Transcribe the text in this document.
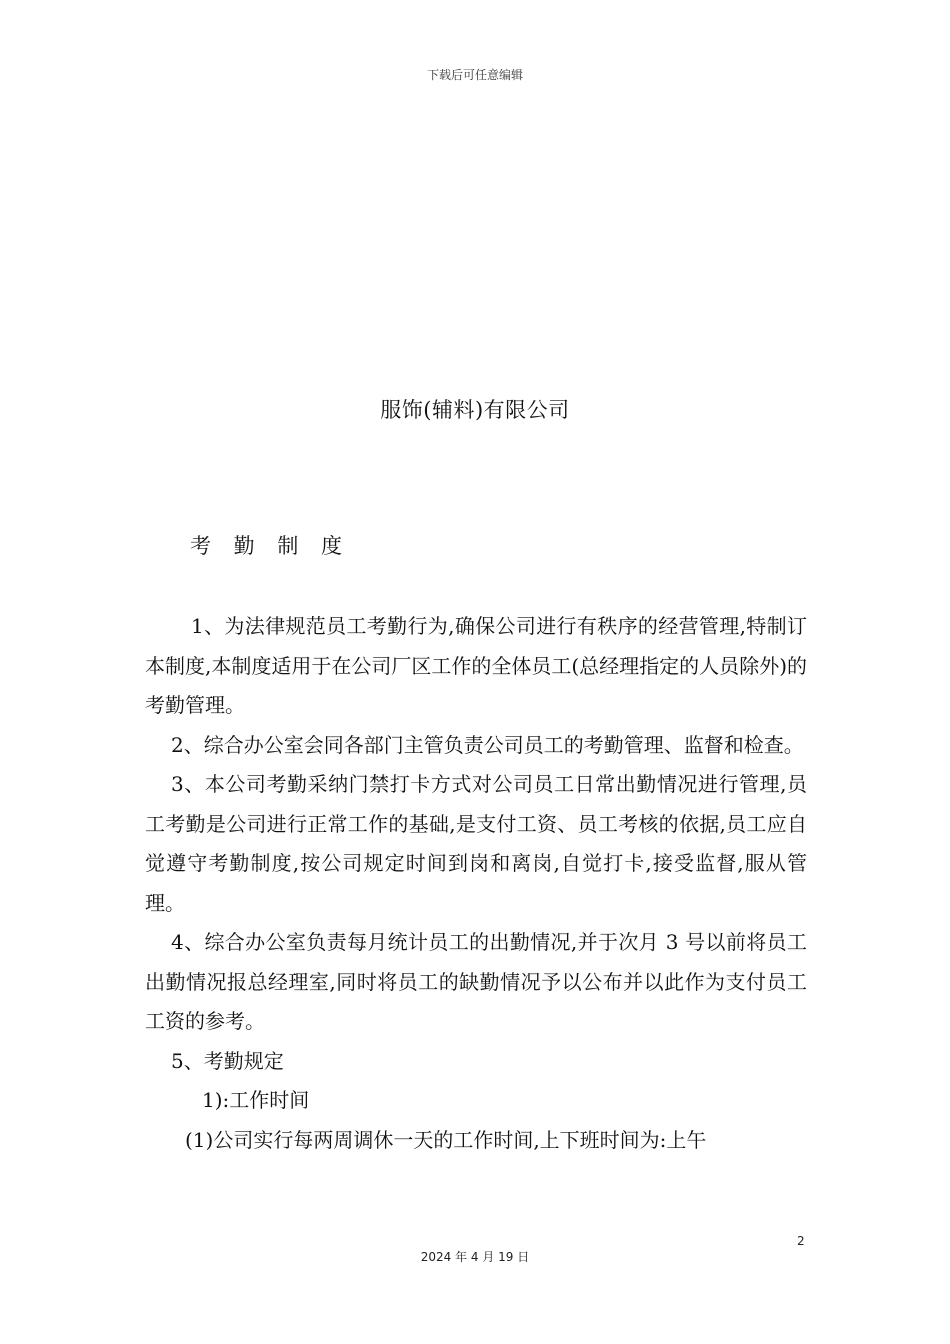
下载后可任意编辑
服饰(辅料)有限公司
考 勤 制 度

1、为法律规范员工考勤行为,确保公司进行有秩序的经营管理,特制订本制度,本制度适用于在公司厂区工作的全体员工(总经理指定的人员除外)的考勤管理。

2、综合办公室会同各部门主管负责公司员工的考勤管理、监督和检查。

3、本公司考勤采纳门禁打卡方式对公司员工日常出勤情况进行管理,员工考勤是公司进行正常工作的基础,是支付工资、员工考核的依据,员工应自觉遵守考勤制度,按公司规定时间到岗和离岗,自觉打卡,接受监督,服从管理。

4、综合办公室负责每月统计员工的出勤情况,并于次月 3 号以前将员工出勤情况报总经理室,同时将员工的缺勤情况予以公布并以此作为支付员工工资的参考。

5、考勤规定

1):工作时间

(1)公司实行每两周调休一天的工作时间,上下班时间为:上午

2
2024 年 4 月 19 日
